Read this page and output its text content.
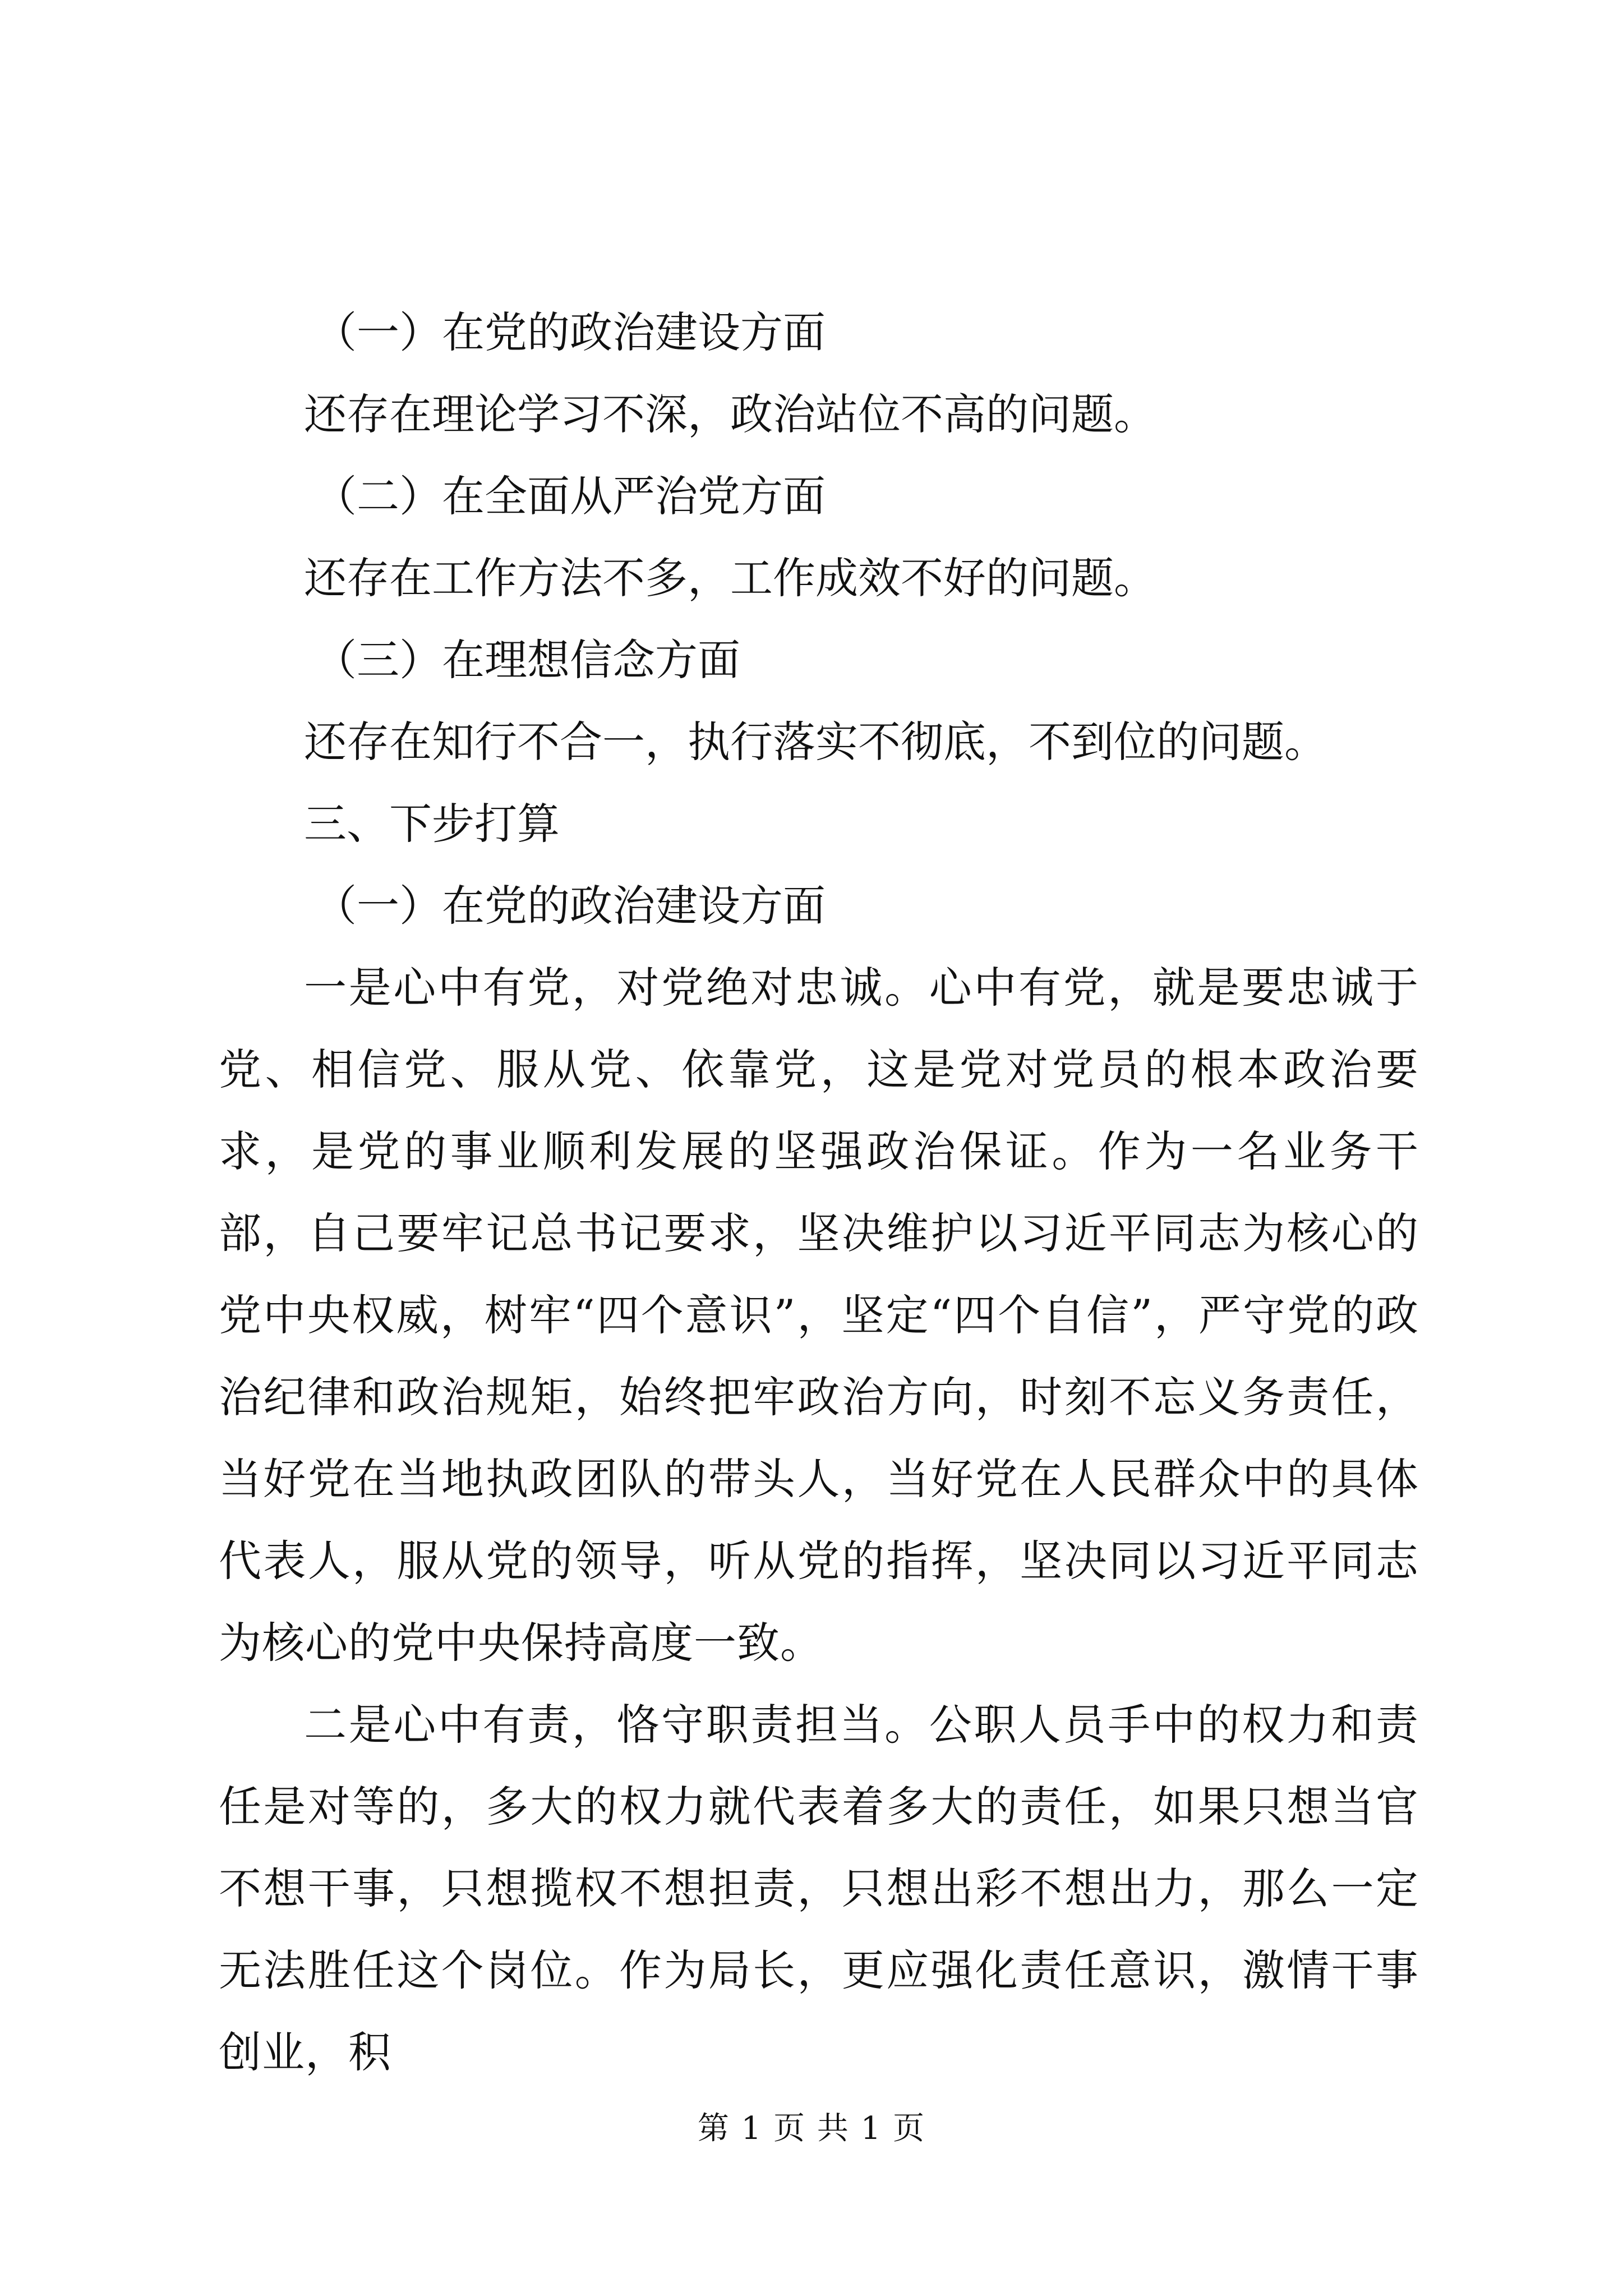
（一）在党的政治建设方面
还存在理论学习不深，政治站位不高的问题。
（二）在全面从严治党方面
还存在工作方法不多，工作成效不好的问题。
（三）在理想信念方面
还存在知行不合一，执行落实不彻底，不到位的问题。
三、下步打算
（一）在党的政治建设方面

一是心中有党，对党绝对忠诚。心中有党，就是要忠诚于党、相信党、服从党、依靠党，这是党对党员的根本政治要求，是党的事业顺利发展的坚强政治保证。作为一名业务干部，自己要牢记总书记要求，坚决维护以习近平同志为核心的党中央权威，树牢“四个意识”，坚定“四个自信”，严守党的政治纪律和政治规矩，始终把牢政治方向，时刻不忘义务责任，当好党在当地执政团队的带头人，当好党在人民群众中的具体代表人，服从党的领导，听从党的指挥，坚决同以习近平同志为核心的党中央保持高度一致。

二是心中有责，恪守职责担当。公职人员手中的权力和责任是对等的，多大的权力就代表着多大的责任，如果只想当官不想干事，只想揽权不想担责，只想出彩不想出力，那么一定无法胜任这个岗位。作为局长，更应强化责任意识，激情干事创业，积

第 1 页 共 1 页
